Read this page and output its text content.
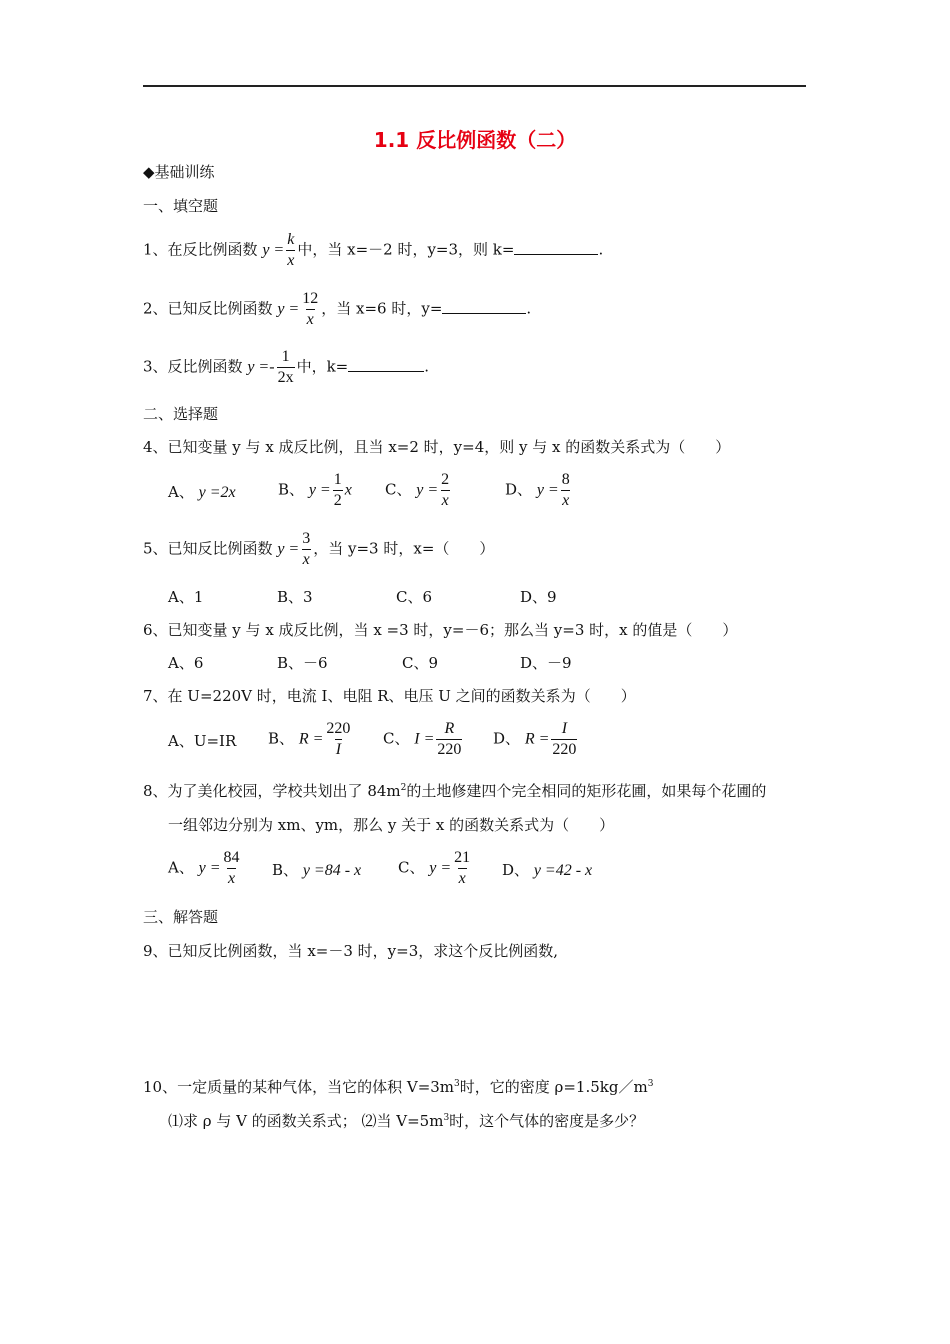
1.1 反比例函数（二）
◆基础训练
一、填空题
1、在反比例函数 $y = \frac{k}{x}$ 中，当 x=－2 时，y=3，则 k=	.
2、已知反比例函数 $y = \frac{12}{x}$ ，当 x=6 时，y=	.
3、反比例函数 $y =- \frac{1}{2x}$ 中，k=	.
二、选择题
4、已知变量 y 与 x 成反比例，且当 x=2 时，y=4，则 y 与 x 的函数关系式为（　　）
A、 y =2x	B、 $y = \frac{1}{2}$ x C、 $y = \frac{2}{x}$	D、 $y = \frac{8}{x}$
5、已知反比例函数 $y = \frac{3}{x}$ ，当 y=3 时，x=（　　）
A、1	B、3	C、6	D、9
6、已知变量 y 与 x 成反比例，当 x =3 时，y=－6；那么当 y=3 时，x 的值是（　　）
A、6	B、－6	C、9	D、－9
7、在 U=220V 时，电流 I、电阻 R、电压 U 之间的函数关系为（　　）
A、U=IR B、 $R = \frac{220}{I}$ C、 $I = \frac{R}{220}$ D、 $R = \frac{I}{220}$
8、为了美化校园，学校共划出了 $84m^2$的土地修建四个完全相同的矩形花圃，如果每个花圃的
一组邻边分别为 xm、ym，那么 y 关于 x 的函数关系式为（　　）
A、 $y = \frac{84}{x}$ B、 y =84 - x C、 $y = \frac{21}{x}$ D、 y =42 - x
三、解答题
9、已知反比例函数，当 x=－3 时，y=3，求这个反比例函数,
10、一定质量的某种气体，当它的体积 $V=3m^3$时，它的密度 $\rho=1.5kg/m^3$
⑴求 ρ 与 V 的函数关系式； ⑵当 $V=5m^3$时，这个气体的密度是多少？
